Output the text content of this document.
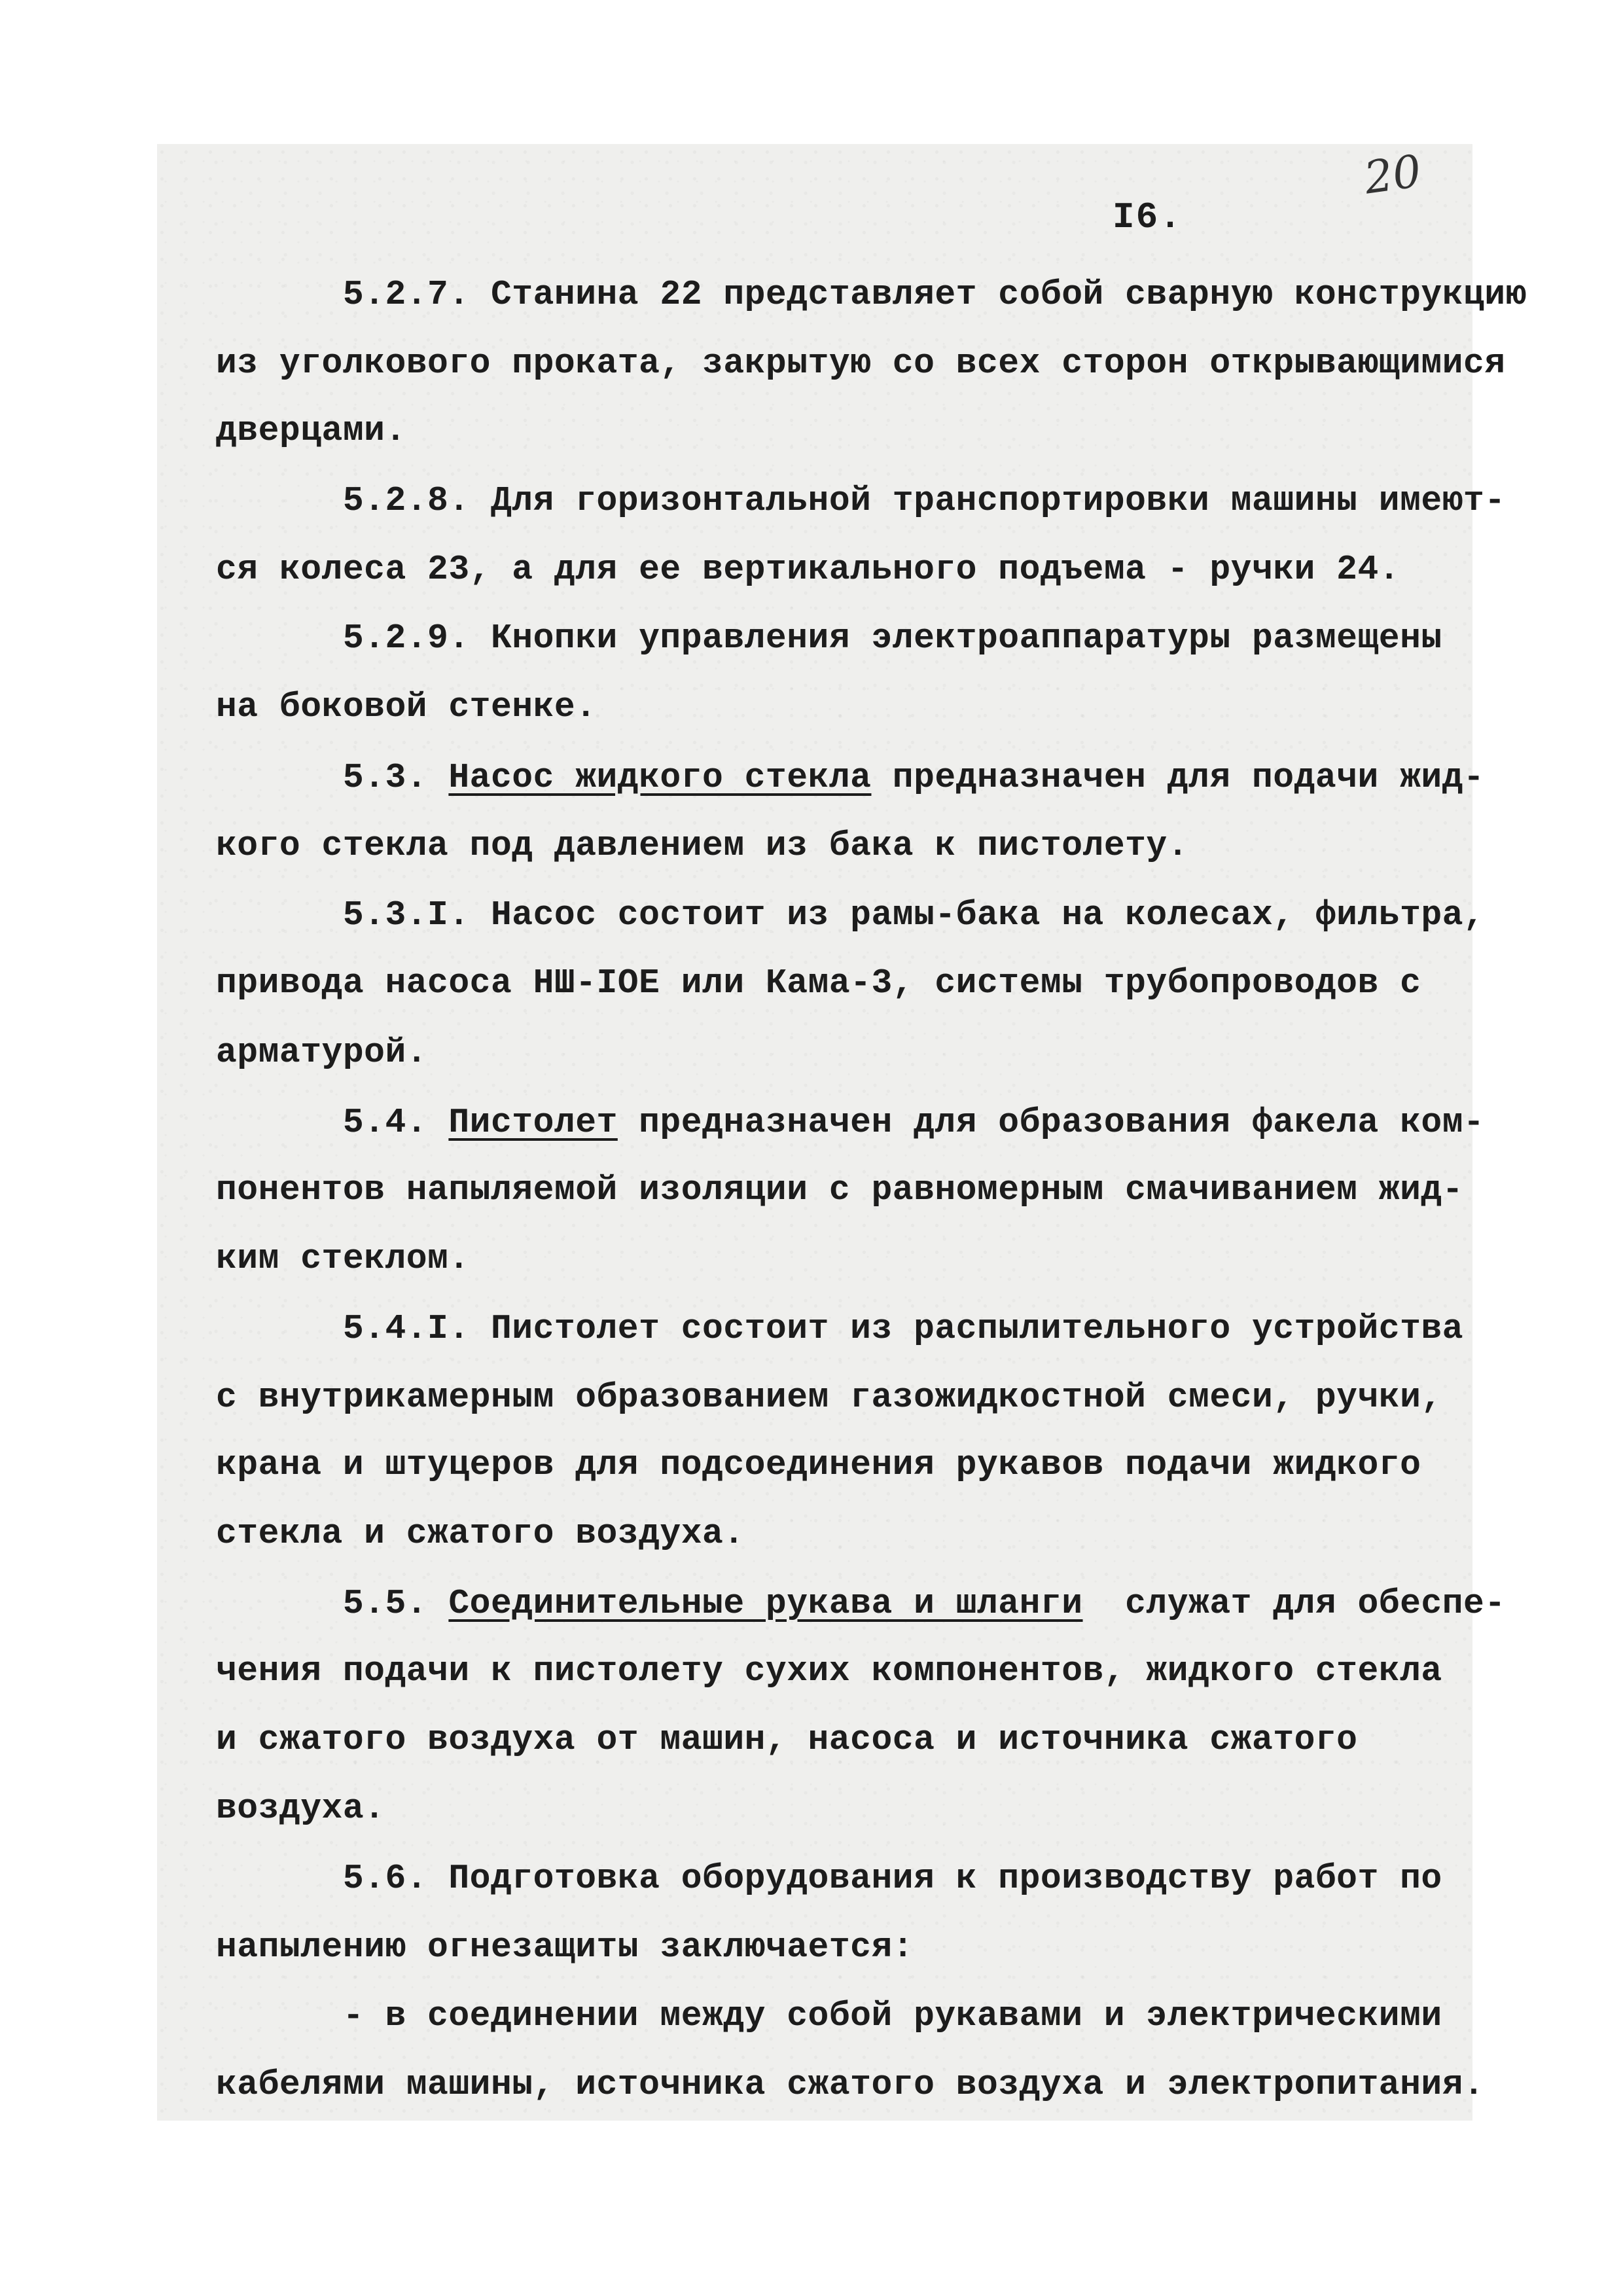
20
I6.
5.2.7. Станина 22 представляет собой сварную конструкцию
из уголкового проката, закрытую со всех сторон открывающимися
дверцами.
5.2.8. Для горизонтальной транспортировки машины имеют-
ся колеса 23, а для ее вертикального подъема - ручки 24.
5.2.9. Кнопки управления электроаппаратуры размещены
на боковой стенке.
5.3. Насос жидкого стекла предназначен для подачи жид-
кого стекла под давлением из бака к пистолету.
5.3.I. Насос состоит из рамы-бака на колесах, фильтра,
привода насоса НШ-IОЕ или Кама-3, системы трубопроводов с
арматурой.
5.4. Пистолет предназначен для образования факела ком-
понентов напыляемой изоляции с равномерным смачиванием жид-
ким стеклом.
5.4.I. Пистолет состоит из распылительного устройства
с внутрикамерным образованием газожидкостной смеси, ручки,
крана и штуцеров для подсоединения рукавов подачи жидкого
стекла и сжатого воздуха.
5.5. Соединительные рукава и шланги  служат для обеспе-
чения подачи к пистолету сухих компонентов, жидкого стекла
и сжатого воздуха от машин, насоса и источника сжатого
воздуха.
5.6. Подготовка оборудования к производству работ по
напылению огнезащиты заключается:
- в соединении между собой рукавами и электрическими
кабелями машины, источника сжатого воздуха и электропитания.
